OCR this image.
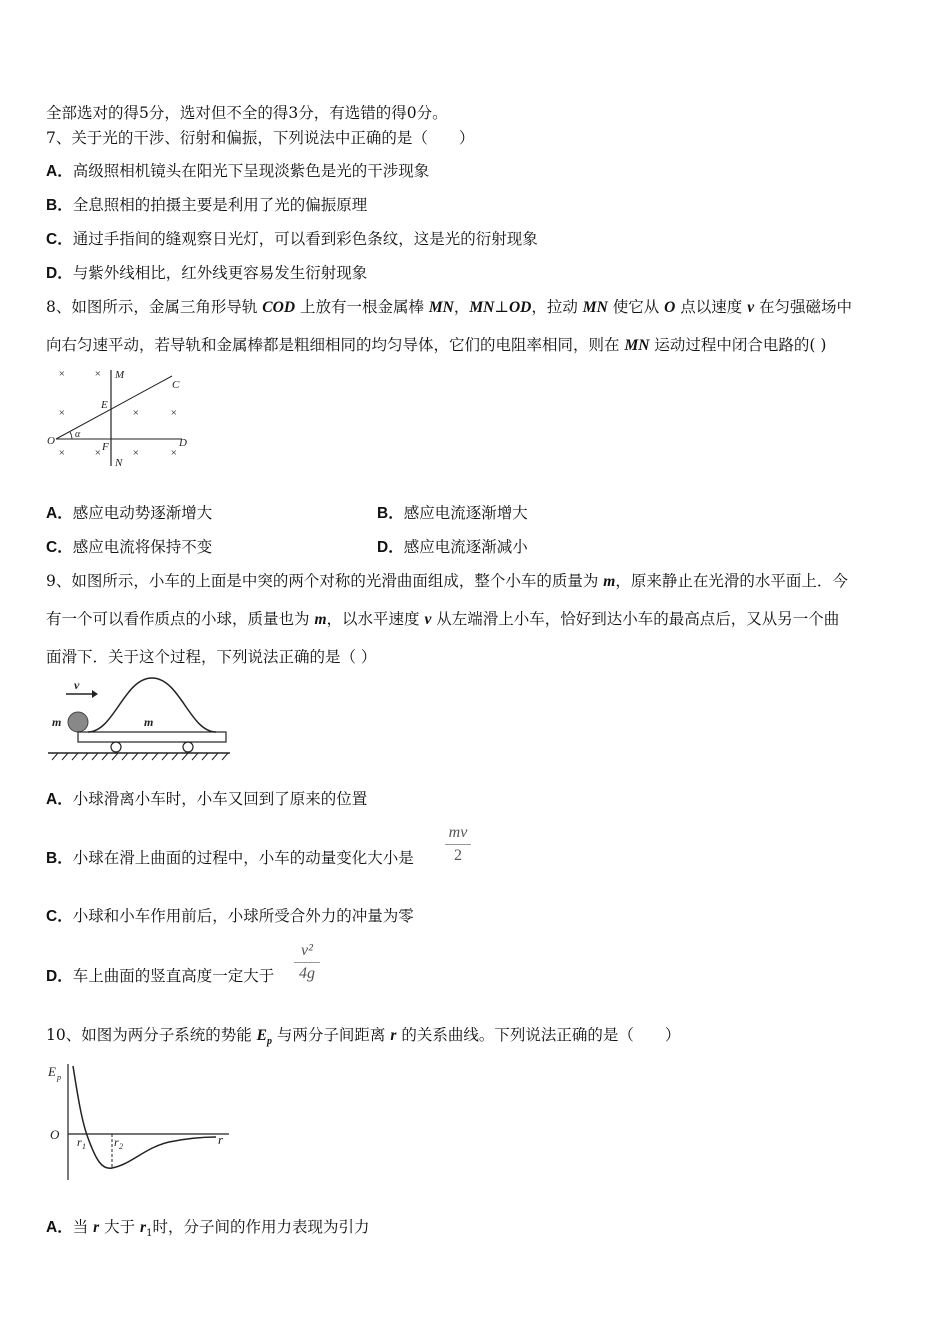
全部选对的得5分，选对但不全的得3分，有选错的得0分。
7、关于光的干涉、衍射和偏振，下列说法中正确的是（　　）
A．高级照相机镜头在阳光下呈现淡紫色是光的干涉现象
B．全息照相的拍摄主要是利用了光的偏振原理
C．通过手指间的缝观察日光灯，可以看到彩色条纹，这是光的衍射现象
D．与紫外线相比，红外线更容易发生衍射现象
8、如图所示，金属三角形导轨 COD 上放有一根金属棒 MN，MN⊥OD，拉动 MN 使它从 O 点以速度 v 在匀强磁场中
向右匀速平动，若导轨和金属棒都是粗细相同的均匀导体，它们的电阻率相同，则在 MN 运动过程中闭合电路的( )
×	×
×	×	×
×	×	×	×
M
C
E
O
α
F	D
N
A．感应电动势逐渐增大	B．感应电流逐渐增大
C．感应电流将保持不变	D．感应电流逐渐减小
9、如图所示，小车的上面是中突的两个对称的光滑曲面组成，整个小车的质量为 m，原来静止在光滑的水平面上．今
有一个可以看作质点的小球，质量也为 m，以水平速度 v 从左端滑上小车，恰好到达小车的最高点后，又从另一个曲
面滑下．关于这个过程，下列说法正确的是（ ）
v
m	m
A．小球滑离小车时，小车又回到了原来的位置
B．小球在滑上曲面的过程中，小车的动量变化大小是
mv
2
C．小球和小车作用前后，小球所受合外力的冲量为零
D．车上曲面的竖直高度一定大于
v²
4g
10、如图为两分子系统的势能 $E_p$ 与两分子间距离 r 的关系曲线。下列说法正确的是（　　）
E p
O r 1 r 2	r
A．当 r 大于 $r_1$时，分子间的作用力表现为引力
